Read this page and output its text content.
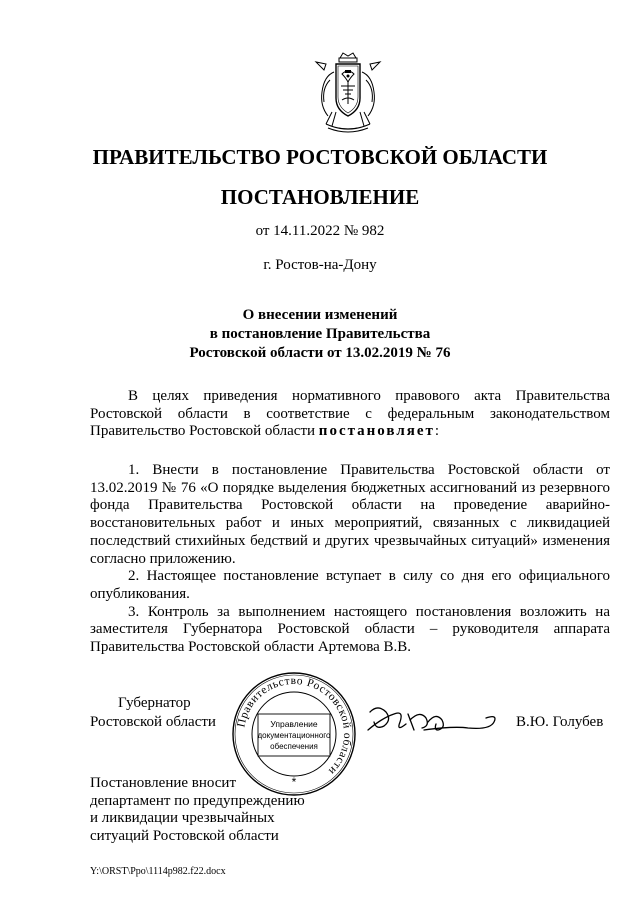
ПРАВИТЕЛЬСТВО РОСТОВСКОЙ ОБЛАСТИ
ПОСТАНОВЛЕНИЕ
от 14.11.2022 № 982
г. Ростов-на-Дону
О внесении изменений
в постановление Правительства
Ростовской области от 13.02.2019 № 76

В целях приведения нормативного правового акта Правительства Ростовской области в соответствие с федеральным законодательством Правительство Ростовской области постановляет:

1. Внести в постановление Правительства Ростовской области от 13.02.2019 № 76 «О порядке выделения бюджетных ассигнований из резервного фонда Правительства Ростовской области на проведение аварийно-восстановительных работ и иных мероприятий, связанных с ликвидацией последствий стихийных бедствий и других чрезвычайных ситуаций» изменения согласно приложению.

2. Настоящее постановление вступает в силу со дня его официального опубликования.

3. Контроль за выполнением настоящего постановления возложить на заместителя Губернатора Ростовской области – руководителя аппарата Правительства Ростовской области Артемова В.В.

Губернатор
Ростовской области Правительство Ростовской области
Управление
документационного
обеспечения
*
В.Ю. Голубев
Постановление вносит
департамент по предупреждению
и ликвидации чрезвычайных
ситуаций Ростовской области
Y:\ORST\Ppo\1114p982.f22.docx
